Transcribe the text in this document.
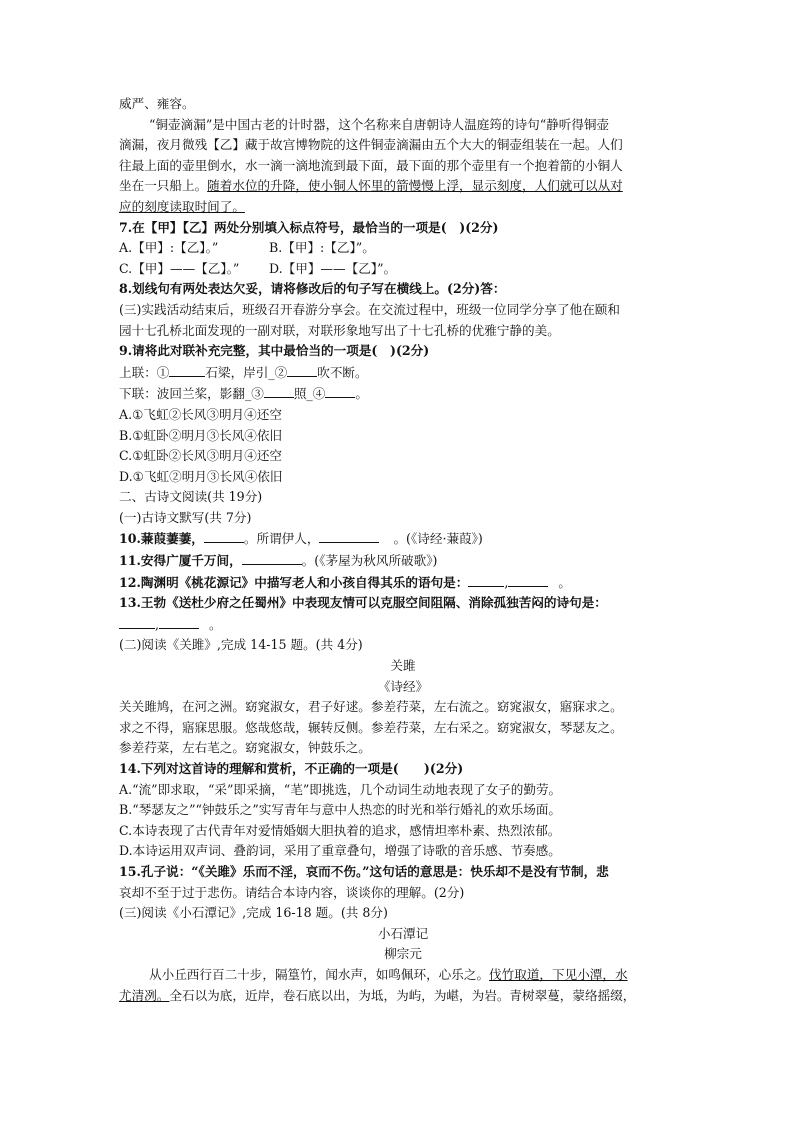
威严、雍容。
“铜壶滴漏”是中国古老的计时器，这个名称来自唐朝诗人温庭筠的诗句“静听得铜壶
滴漏，夜月微残【乙】藏于故宫博物院的这件铜壶滴漏由五个大大的铜壶组装在一起。人们
往最上面的壶里倒水，水一滴一滴地流到最下面，最下面的那个壶里有一个抱着箭的小铜人
坐在一只船上。随着水位的升降，使小铜人怀里的箭慢慢上浮，显示刻度，人们就可以从对
应的刻度读取时间了。
7.在【甲】【乙】两处分别填入标点符号，最恰当的一项是(　)(2分)
A.【甲】:【乙】。”	B.【甲】:【乙】”。
C.【甲】——【乙】。” D.【甲】——【乙】”。
8.划线句有两处表达欠妥，请将修改后的句子写在横线上。(2分)答：
(三)实践活动结束后，班级召开春游分享会。在交流过程中，班级一位同学分享了他在颐和
园十七孔桥北面发现的一副对联，对联形象地写出了十七孔桥的优雅宁静的美。
9.请将此对联补充完整，其中最恰当的一项是(　)(2分)
上联：①	石梁，岸引_② 吹不断。
下联：波回兰桨，影翻_③ 照_④ 。
A.①飞虹②长风③明月④还空
B.①虹卧②明月③长风④依旧
C.①虹卧②长风③明月④还空
D.①飞虹②明月③长风④依旧
二、古诗文阅读(共 19分)
(一)古诗文默写(共 7分)
10.蒹葭萋萋，	。所谓伊人，	。(《诗经·蒹葭》)
11.安得广厦千万间，	。(《茅屋为秋风所破歌》)
12.陶渊明《桃花源记》中描写老人和小孩自得其乐的语句是：	,	。
13.王勃《送杜少府之任蜀州》中表现友情可以克服空间阻隔、消除孤独苦闷的诗句是：
,	。
(二)阅读《关雎》,完成 14-15 题。(共 4分)
关雎
《诗经》
关关雎鸠，在河之洲。窈窕淑女，君子好逑。参差荇菜，左右流之。窈窕淑女，寤寐求之。
求之不得，寤寐思服。悠哉悠哉，辗转反侧。参差荇菜，左右采之。窈窕淑女，琴瑟友之。
参差荇菜，左右芼之。窈窕淑女，钟鼓乐之。
14.下列对这首诗的理解和赏析，不正确的一项是(　　)(2分)
A.“流”即求取，“采”即采摘，“芼”即挑选，几个动词生动地表现了女子的勤劳。
B.“琴瑟友之”“钟鼓乐之”实写青年与意中人热恋的时光和举行婚礼的欢乐场面。
C.本诗表现了古代青年对爱情婚姻大胆执着的追求，感情坦率朴素、热烈浓郁。
D.本诗运用双声词、叠韵词，采用了重章叠句，增强了诗歌的音乐感、节奏感。
15.孔子说：“《关雎》乐而不淫，哀而不伤。”这句话的意思是：快乐却不是没有节制，悲
哀却不至于过于悲伤。请结合本诗内容，谈谈你的理解。(2分)
(三)阅读《小石潭记》,完成 16-18 题。(共 8分)
小石潭记
柳宗元
从小丘西行百二十步，隔篁竹，闻水声，如鸣佩环，心乐之。伐竹取道，下见小潭，水
尤清冽。全石以为底，近岸，卷石底以出，为坻，为屿，为嵁，为岩。青树翠蔓，蒙络摇缀，
